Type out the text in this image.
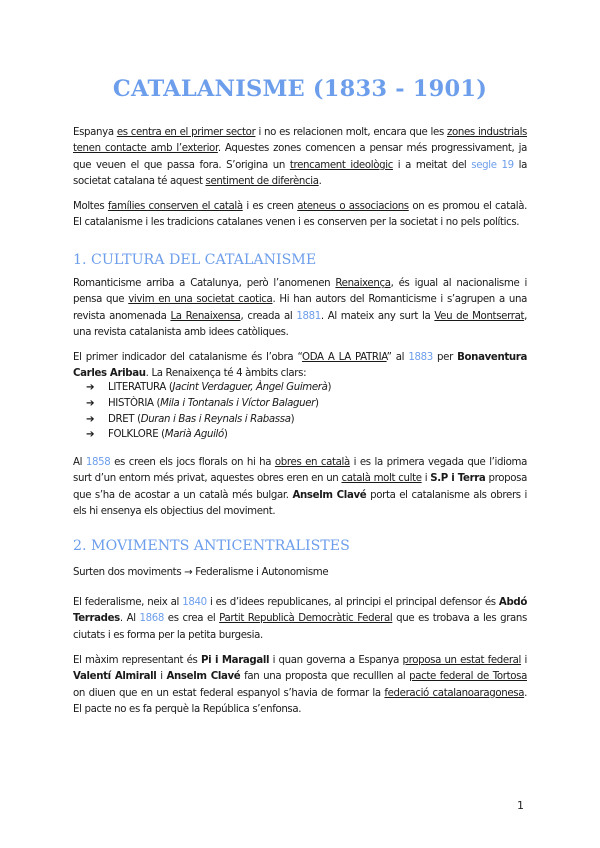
CATALANISME (1833 - 1901)

Espanya es centra en el primer sector i no es relacionen molt, encara que les zones industrials tenen contacte amb l’exterior. Aquestes zones comencen a pensar més progressivament, ja que veuen el que passa fora. S’origina un trencament ideològic i a meitat del segle 19 la societat catalana té aquest sentiment de diferència.

Moltes famílies conserven el català i es creen ateneus o associacions on es promou el català. El catalanisme i les tradicions catalanes venen i es conserven per la societat i no pels polítics.

1. CULTURA DEL CATALANISME

Romanticisme arriba a Catalunya, però l’anomenen Renaixença, és igual al nacionalisme i pensa que vivim en una societat caotica. Hi han autors del Romanticisme i s’agrupen a una revista anomenada La Renaixensa, creada al 1881. Al mateix any surt la Veu de Montserrat, una revista catalanista amb idees catòliques.

El primer indicador del catalanisme és l’obra “ODA A LA PATRIA” al 1883 per Bonaventura Carles Aribau. La Renaixença té 4 àmbits clars:

➔ LITERATURA (Jacint Verdaguer, Àngel Guimerà)
➔ HISTÒRIA (Mila i Tontanals i Víctor Balaguer)
➔ DRET (Duran i Bas i Reynals i Rabassa)
➔ FOLKLORE (Marià Aguiló)

Al 1858 es creen els jocs florals on hi ha obres en català i es la primera vegada que l’idioma surt d’un entorn més privat, aquestes obres eren en un català molt culte i S.P i Terra proposa que s’ha de acostar a un català més bulgar. Anselm Clavé porta el catalanisme als obrers i els hi ensenya els objectius del moviment.

2. MOVIMENTS ANTICENTRALISTES

Surten dos moviments → Federalisme i Autonomisme

El federalisme, neix al 1840 i es d’idees republicanes, al principi el principal defensor és Abdó Terrades. Al 1868 es crea el Partit Republicà Democràtic Federal que es trobava a les grans ciutats i es forma per la petita burgesia.

El màxim representant és Pi i Maragall i quan governa a Espanya proposa un estat federal i Valentí Almirall i Anselm Clavé fan una proposta que reculllen al pacte federal de Tortosa on diuen que en un estat federal espanyol s’havia de formar la federació catalanoaragonesa. El pacte no es fa perquè la República s’enfonsa.

1
